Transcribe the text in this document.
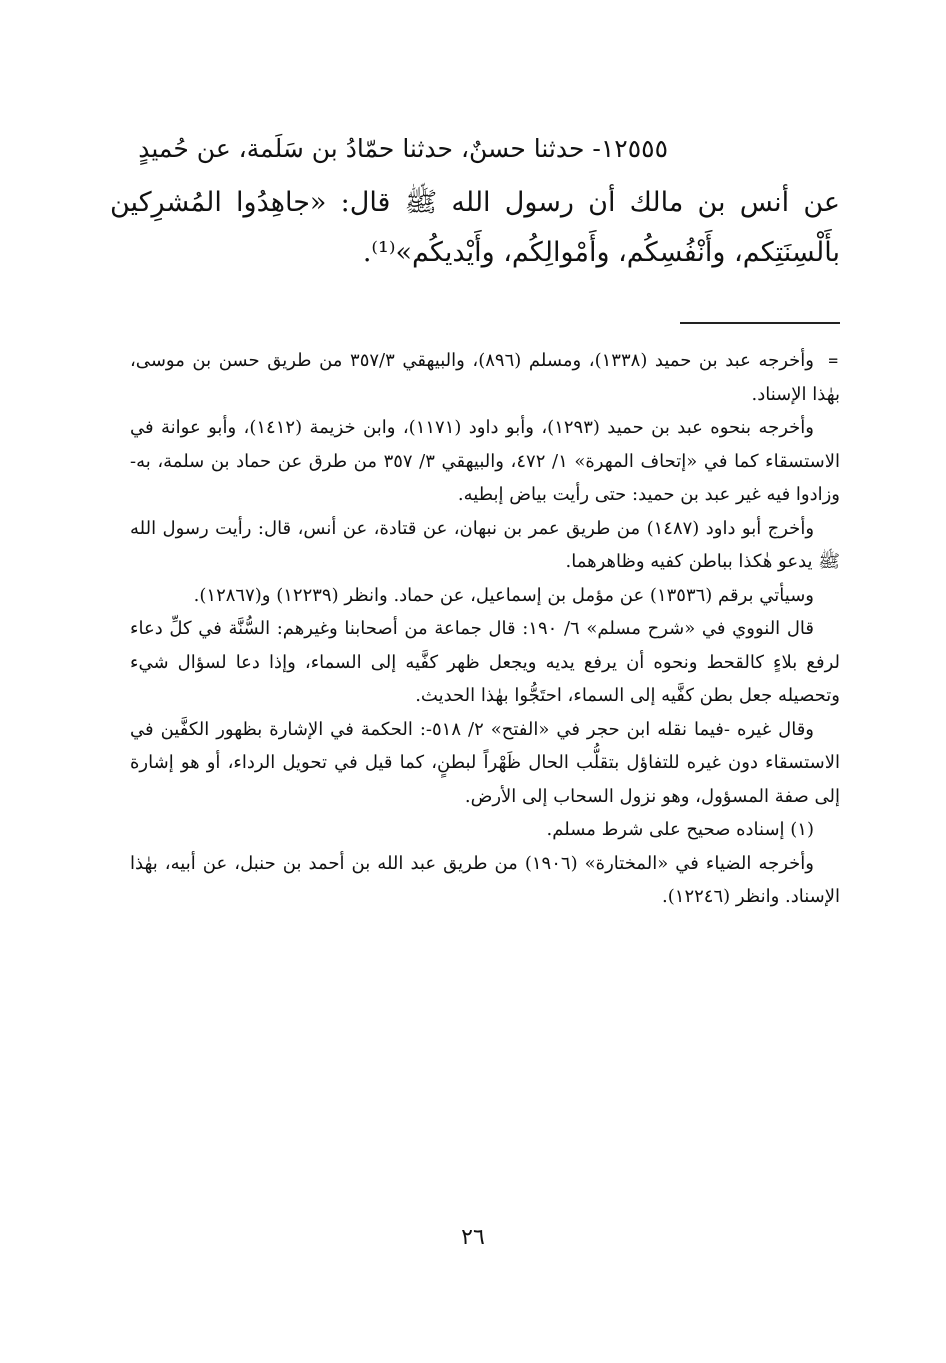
١٢٥٥٥- حدثنا حسنٌ، حدثنا حمّادُ بن سَلَمة، عن حُميدٍ

عن أنس بن مالك أن رسول الله ﷺ قال: «جاهِدُوا المُشرِكين بأَلْسِنَتِكم، وأَنْفُسِكُم، وأَمْوالِكُم، وأَيْديكُم»⁽¹⁾.

=
وأخرجه عبد بن حميد (١٣٣٨)، ومسلم (٨٩٦)، والبيهقي ٣٥٧/٣ من طريق حسن بن موسى، بهٰذا الإسناد.

وأخرجه بنحوه عبد بن حميد (١٢٩٣)، وأبو داود (١١٧١)، وابن خزيمة (١٤١٢)، وأبو عوانة في الاستسقاء كما في «إتحاف المهرة» ١/ ٤٧٢، والبيهقي ٣/ ٣٥٧ من طرق عن حماد بن سلمة، به- وزادوا فيه غير عبد بن حميد: حتى رأيت بياض إبطيه.

وأخرج أبو داود (١٤٨٧) من طريق عمر بن نبهان، عن قتادة، عن أنس، قال: رأيت رسول الله ﷺ يدعو هٰكذا بباطن كفيه وظاهرهما.

وسيأتي برقم (١٣٥٣٦) عن مؤمل بن إسماعيل، عن حماد. وانظر (١٢٢٣٩) و(١٢٨٦٧).

قال النووي في «شرح مسلم» ٦/ ١٩٠: قال جماعة من أصحابنا وغيرهم: السُّنَّة في كلِّ دعاء لرفع بلاءٍ كالقحط ونحوه أن يرفع يديه ويجعل ظهر كفَّيه إلى السماء، وإذا دعا لسؤال شيء وتحصيله جعل بطن كفَّيه إلى السماء، احتَجُّوا بهٰذا الحديث.

وقال غيره -فيما نقله ابن حجر في «الفتح» ٢/ ٥١٨-: الحكمة في الإشارة بظهور الكفَّين في الاستسقاء دون غيره للتفاؤل بتقلُّب الحال ظَهْراً لبطنٍ، كما قيل في تحويل الرداء، أو هو إشارة إلى صفة المسؤول، وهو نزول السحاب إلى الأرض.

(١) إسناده صحيح على شرط مسلم.

وأخرجه الضياء في «المختارة» (١٩٠٦) من طريق عبد الله بن أحمد بن حنبل، عن أبيه، بهٰذا الإسناد. وانظر (١٢٢٤٦).

٢٦
